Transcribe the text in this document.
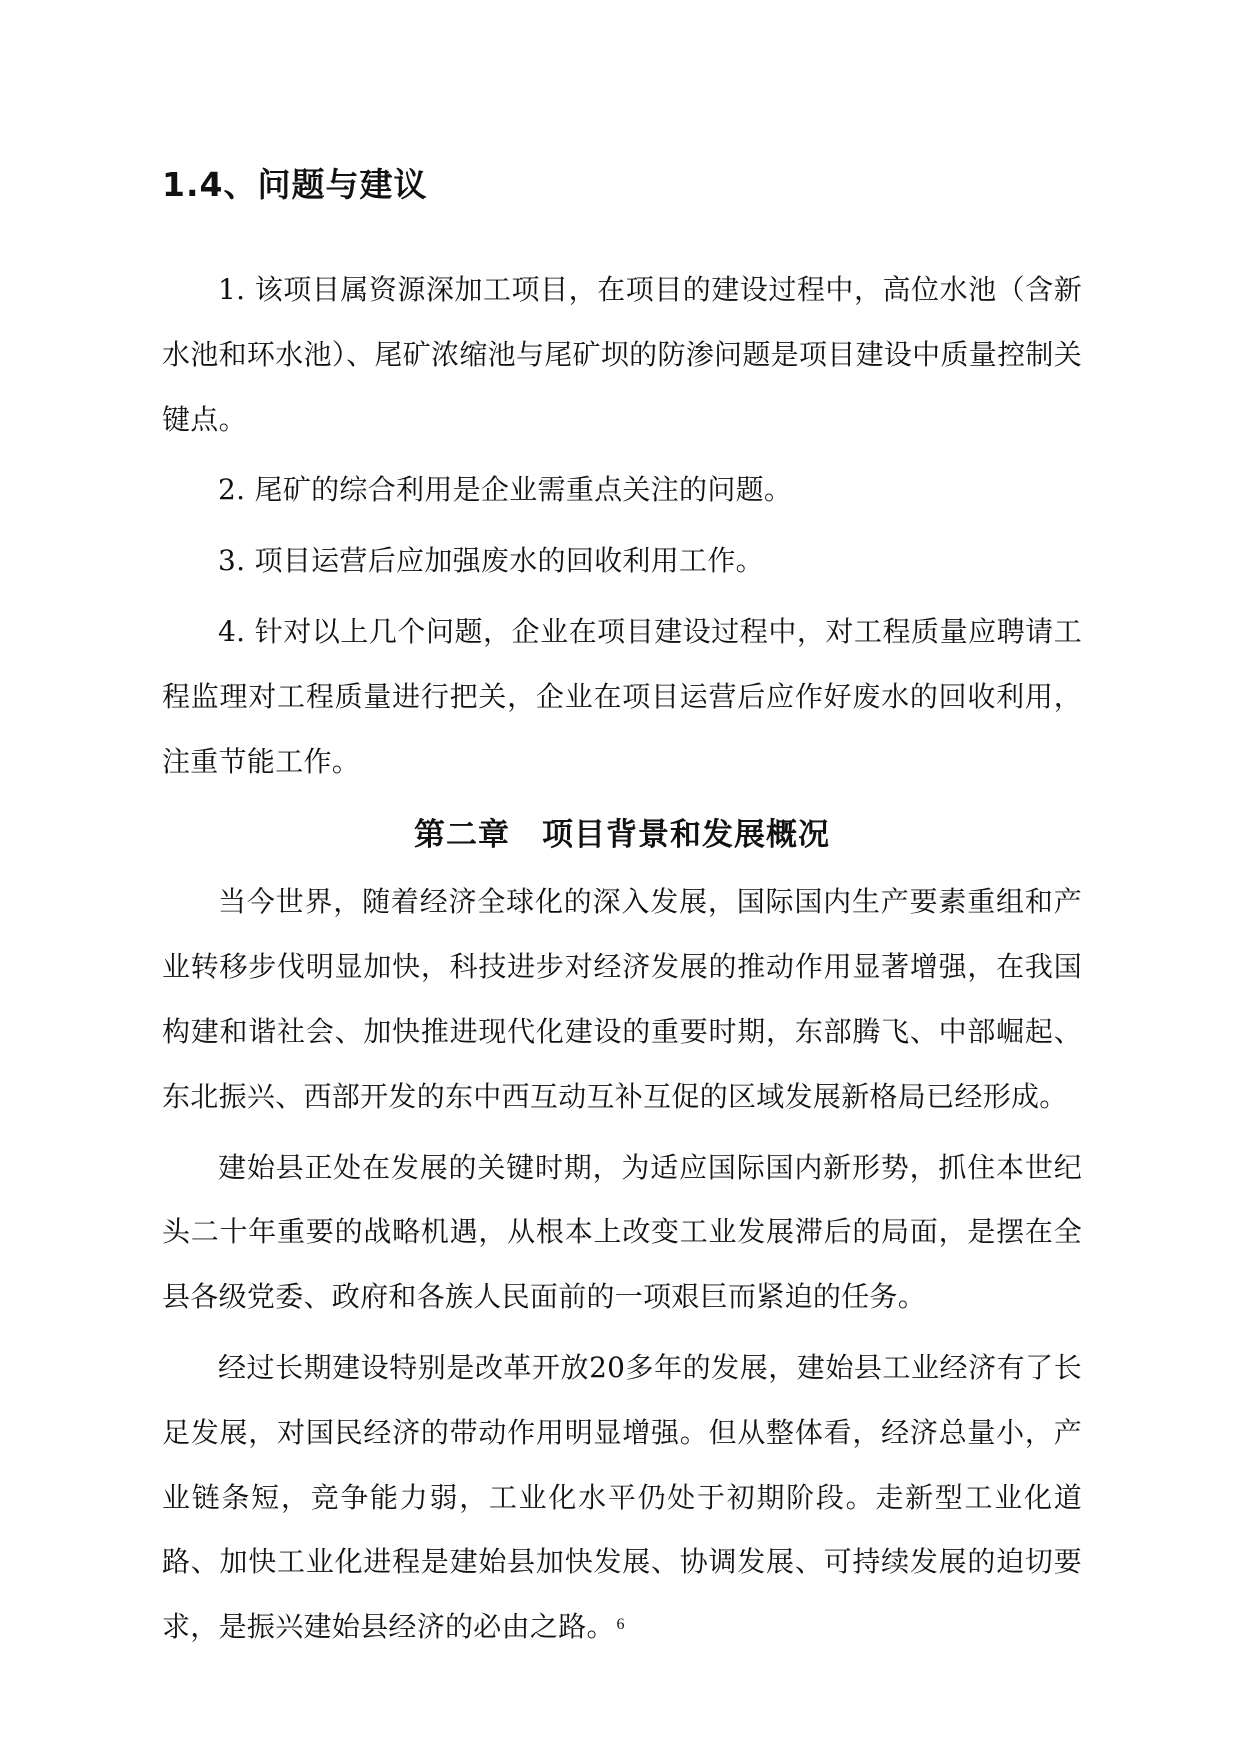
1.4、问题与建议

1. 该项目属资源深加工项目，在项目的建设过程中，高位水池（含新水池和环水池）、尾矿浓缩池与尾矿坝的防渗问题是项目建设中质量控制关键点。

2. 尾矿的综合利用是企业需重点关注的问题。

3. 项目运营后应加强废水的回收利用工作。

4. 针对以上几个问题，企业在项目建设过程中，对工程质量应聘请工程监理对工程质量进行把关，企业在项目运营后应作好废水的回收利用，注重节能工作。

第二章　项目背景和发展概况

当今世界，随着经济全球化的深入发展，国际国内生产要素重组和产业转移步伐明显加快，科技进步对经济发展的推动作用显著增强，在我国构建和谐社会、加快推进现代化建设的重要时期，东部腾飞、中部崛起、东北振兴、西部开发的东中西互动互补互促的区域发展新格局已经形成。

建始县正处在发展的关键时期，为适应国际国内新形势，抓住本世纪头二十年重要的战略机遇，从根本上改变工业发展滞后的局面，是摆在全县各级党委、政府和各族人民面前的一项艰巨而紧迫的任务。

经过长期建设特别是改革开放20多年的发展，建始县工业经济有了长足发展，对国民经济的带动作用明显增强。但从整体看，经济总量小，产业链条短，竞争能力弱，工业化水平仍处于初期阶段。走新型工业化道路、加快工业化进程是建始县加快发展、协调发展、可持续发展的迫切要求，是振兴建始县经济的必由之路。 6
